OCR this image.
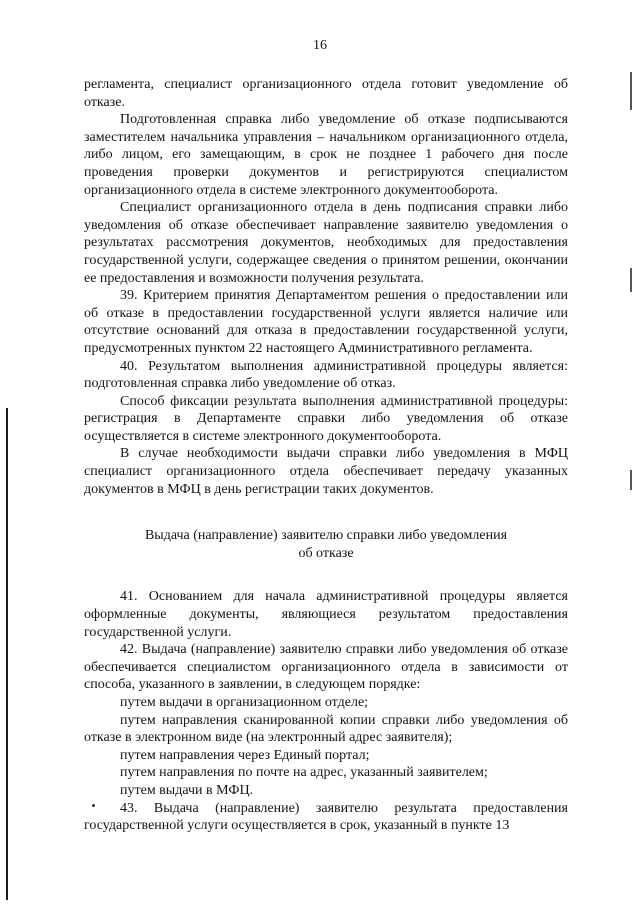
16

регламента, специалист организационного отдела готовит уведомление об отказе.

Подготовленная справка либо уведомление об отказе подписываются заместителем начальника управления – начальником организационного отдела, либо лицом, его замещающим, в срок не позднее 1 рабочего дня после проведения проверки документов и регистрируются специалистом организационного отдела в системе электронного документооборота.

Специалист организационного отдела в день подписания справки либо уведомления об отказе обеспечивает направление заявителю уведомления о результатах рассмотрения документов, необходимых для предоставления государственной услуги, содержащее сведения о принятом решении, окончании ее предоставления и возможности получения результата.

39. Критерием принятия Департаментом решения о предоставлении или об отказе в предоставлении государственной услуги является наличие или отсутствие оснований для отказа в предоставлении государственной услуги, предусмотренных пунктом 22 настоящего Административного регламента.

40. Результатом выполнения административной процедуры является: подготовленная справка либо уведомление об отказ.

Способ фиксации результата выполнения административной процедуры: регистрация в Департаменте справки либо уведомления об отказе осуществляется в системе электронного документооборота.

В случае необходимости выдачи справки либо уведомления в МФЦ специалист организационного отдела обеспечивает передачу указанных документов в МФЦ в день регистрации таких документов.

Выдача (направление) заявителю справки либо уведомления
об отказе

41. Основанием для начала административной процедуры является оформленные документы, являющиеся результатом предоставления государственной услуги.

42. Выдача (направление) заявителю справки либо уведомления об отказе обеспечивается специалистом организационного отдела в зависимости от способа, указанного в заявлении, в следующем порядке:

путем выдачи в организационном отделе;

путем направления сканированной копии справки либо уведомления об отказе в электронном виде (на электронный адрес заявителя);

путем направления через Единый портал;

путем направления по почте на адрес, указанный заявителем;

путем выдачи в МФЦ.

43. Выдача (направление) заявителю результата предоставления государственной услуги осуществляется в срок, указанный в пункте 13
